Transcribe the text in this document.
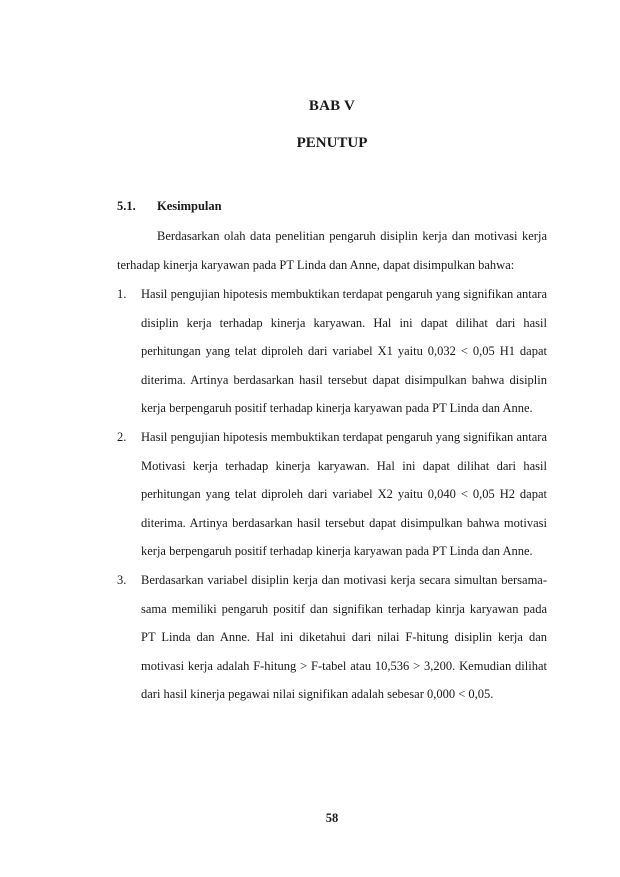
BAB V
PENUTUP
5.1. Kesimpulan

Berdasarkan olah data penelitian pengaruh disiplin kerja dan motivasi kerja terhadap kinerja karyawan pada PT Linda dan Anne, dapat disimpulkan bahwa:

1. Hasil pengujian hipotesis membuktikan terdapat pengaruh yang signifikan antara disiplin kerja terhadap kinerja karyawan. Hal ini dapat dilihat dari hasil perhitungan yang telat diproleh dari variabel X1 yaitu 0,032 < 0,05 H1 dapat diterima. Artinya berdasarkan hasil tersebut dapat disimpulkan bahwa disiplin kerja berpengaruh positif terhadap kinerja karyawan pada PT Linda dan Anne.
2. Hasil pengujian hipotesis membuktikan terdapat pengaruh yang signifikan antara Motivasi kerja terhadap kinerja karyawan. Hal ini dapat dilihat dari hasil perhitungan yang telat diproleh dari variabel X2 yaitu 0,040 < 0,05 H2 dapat diterima. Artinya berdasarkan hasil tersebut dapat disimpulkan bahwa motivasi kerja berpengaruh positif terhadap kinerja karyawan pada PT Linda dan Anne.
3. Berdasarkan variabel disiplin kerja dan motivasi kerja secara simultan bersama-sama memiliki pengaruh positif dan signifikan terhadap kinrja karyawan pada PT Linda dan Anne. Hal ini diketahui dari nilai F-hitung disiplin kerja dan motivasi kerja adalah F-hitung > F-tabel atau 10,536 > 3,200. Kemudian dilihat dari hasil kinerja pegawai nilai signifikan adalah sebesar 0,000 < 0,05.
58
